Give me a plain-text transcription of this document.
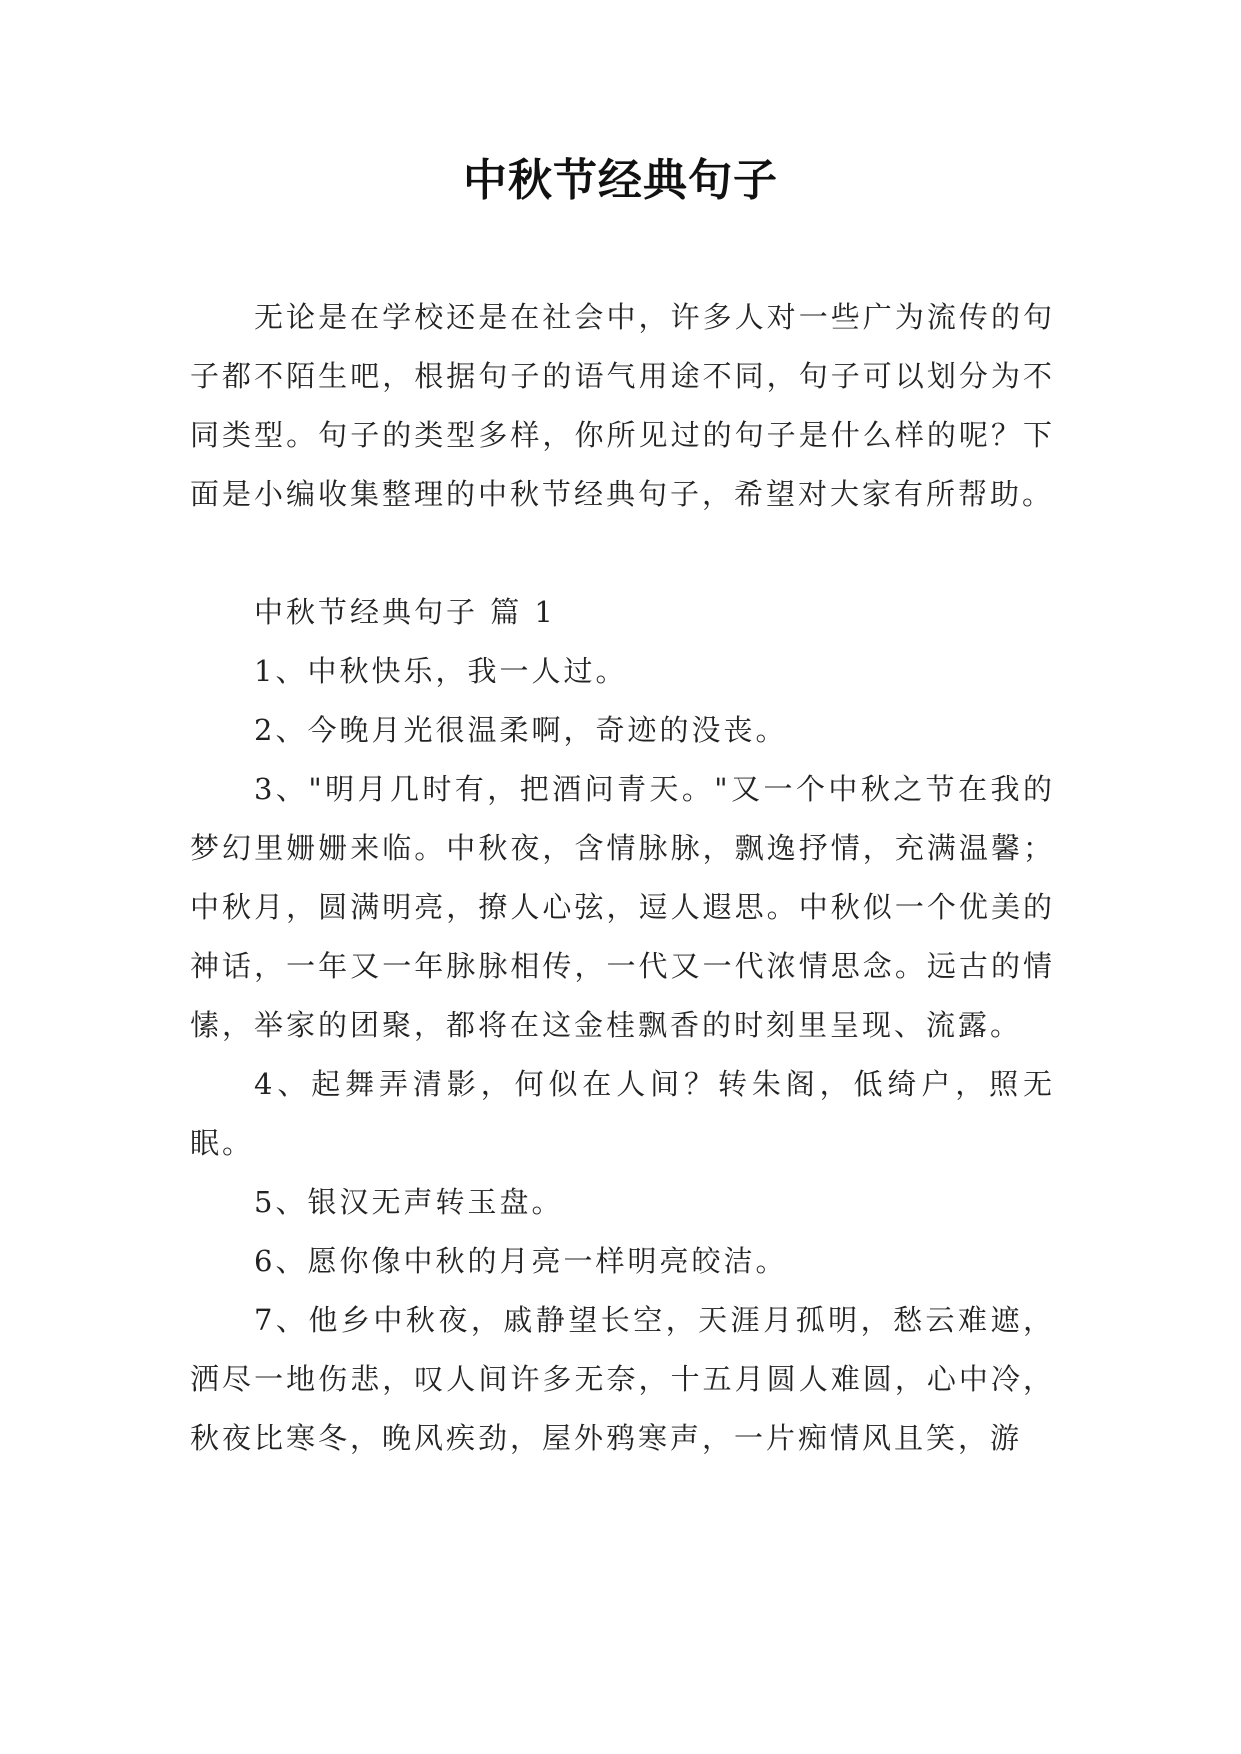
中秋节经典句子

无论是在学校还是在社会中，许多人对一些广为流传的句子都不陌生吧，根据句子的语气用途不同，句子可以划分为不同类型。句子的类型多样，你所见过的句子是什么样的呢？下面是小编收集整理的中秋节经典句子，希望对大家有所帮助。

中秋节经典句子 篇 1

1、中秋快乐，我一人过。

2、今晚月光很温柔啊，奇迹的没丧。

3、"明月几时有，把酒问青天。"又一个中秋之节在我的梦幻里姗姗来临。中秋夜，含情脉脉，飘逸抒情，充满温馨；中秋月，圆满明亮，撩人心弦，逗人遐思。中秋似一个优美的神话，一年又一年脉脉相传，一代又一代浓情思念。远古的情愫，举家的团聚，都将在这金桂飘香的时刻里呈现、流露。

4、起舞弄清影，何似在人间？转朱阁，低绮户，照无眠。

5、银汉无声转玉盘。

6、愿你像中秋的月亮一样明亮皎洁。

7、他乡中秋夜，戚静望长空，天涯月孤明，愁云难遮，洒尽一地伤悲，叹人间许多无奈，十五月圆人难圆，心中冷，秋夜比寒冬，晚风疾劲，屋外鸦寒声，一片痴情风且笑，游
